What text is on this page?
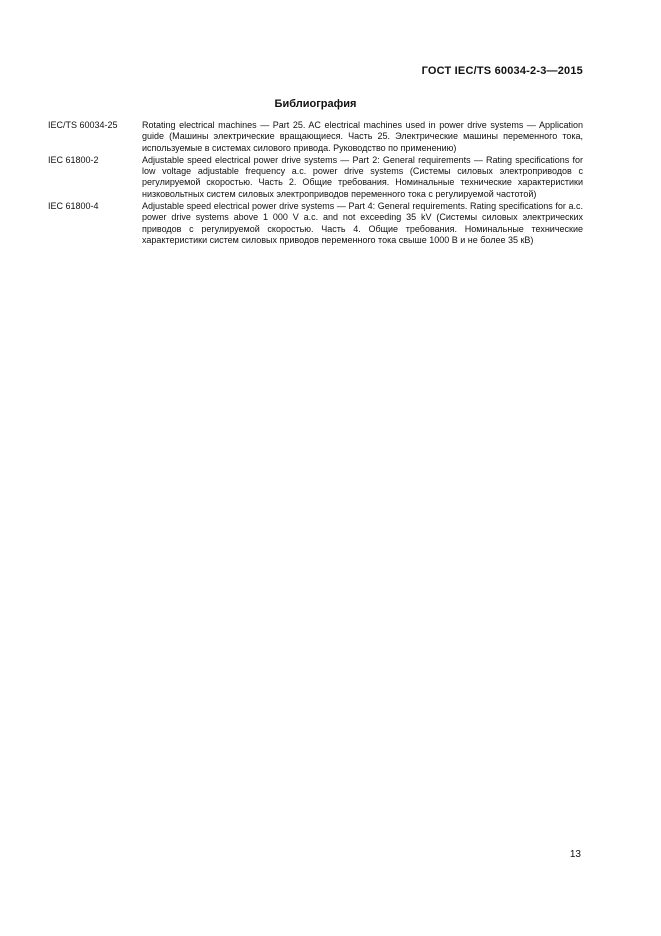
ГОСТ IEC/TS 60034-2-3—2015
Библиография
IEC/TS 60034-25	Rotating electrical machines — Part 25. AC electrical machines used in power drive systems — Application guide (Машины электрические вращающиеся. Часть 25. Электрические машины переменного тока, используемые в системах силового привода. Руководство по применению)
IEC 61800-2	Adjustable speed electrical power drive systems — Part 2: General requirements — Rating specifications for low voltage adjustable frequency a.c. power drive systems (Системы силовых электроприводов с регулируемой скоростью. Часть 2. Общие требования. Номинальные технические характеристики низковольтных систем силовых электроприводов переменного тока с регулируемой частотой)
IEC 61800-4	Adjustable speed electrical power drive systems — Part 4: General requirements. Rating specifications for a.c. power drive systems above 1 000 V a.c. and not exceeding 35 kV (Системы силовых электрических приводов с регулируемой скоростью. Часть 4. Общие требования. Номинальные технические характеристики систем силовых приводов переменного тока свыше 1000 В и не более 35 кВ)
13
